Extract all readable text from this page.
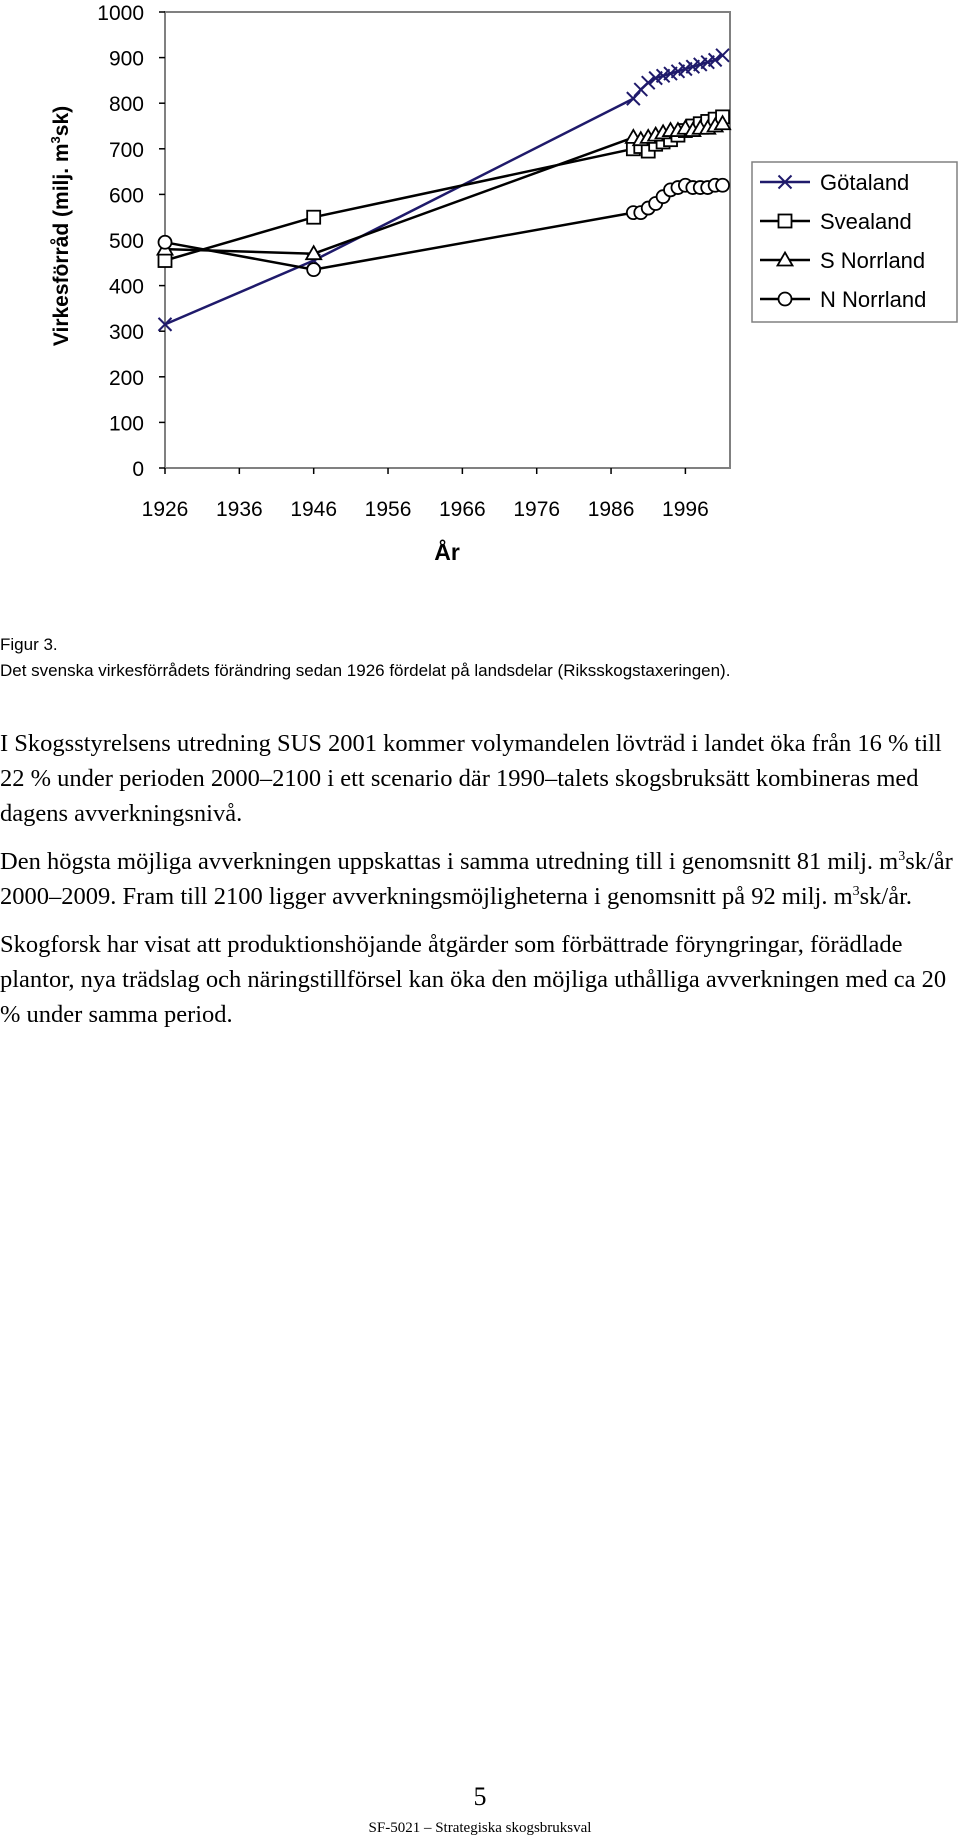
Virkesförråd (milj. $m^3sk$)
0
100
200
300
400
500
600
700
800
900
1000
1926 1936 1946 1956 1966 1976 1986 1996
År
Götaland
Svealand
S Norrland
N Norrland
Figur 3.
Det svenska virkesförrådets förändring sedan 1926 fördelat på landsdelar (Riksskogstaxeringen).

I Skogsstyrelsens utredning SUS 2001 kommer volymandelen lövträd i landet öka från 16 % till 22 % under perioden 2000–2100 i ett scenario där 1990–talets skogsbruksätt kombineras med dagens avverkningsnivå.

Den högsta möjliga avverkningen uppskattas i samma utredning till i genomsnitt 81 milj. $m^3sk/år$ 2000–2009. Fram till 2100 ligger avverkningsmöjligheterna i genomsnitt på 92 milj. $m^3sk/år$.

Skogforsk har visat att produktionshöjande åtgärder som förbättrade föryngringar, förädlade plantor, nya trädslag och näringstillförsel kan öka den möjliga uthålliga avverkningen med ca 20 % under samma period.

5
SF-5021 – Strategiska skogsbruksval
